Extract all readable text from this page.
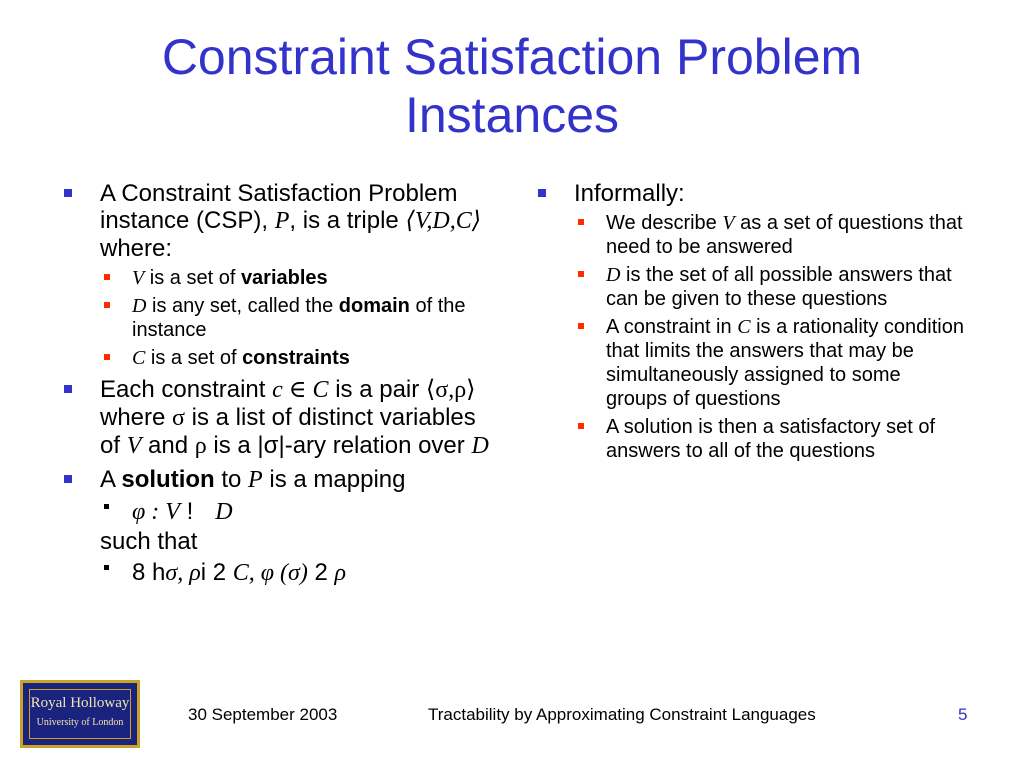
Constraint Satisfaction Problem
Instances
A Constraint Satisfaction Problem instance (CSP), P, is a triple ⟨V,D,C⟩ where:
V is a set of variables
D is any set, called the domain of the instance
C is a set of constraints
Each constraint c ∈ C is a pair ⟨σ,ρ⟩ where σ is a list of distinct variables of V and ρ is a |σ|-ary relation over D
A solution to P is a mapping
φ : V ! D
such that
8 hσ, ρi 2 C, φ (σ) 2 ρ
Informally:
We describe V as a set of questions that need to be answered
D is the set of all possible answers that can be given to these questions
A constraint in C is a rationality condition that limits the answers that may be simultaneously assigned to some groups of questions
A solution is then a satisfactory set of answers to all of the questions
Royal Holloway
University of London	30 September 2003	Tractability by Approximating Constraint Languages	5
